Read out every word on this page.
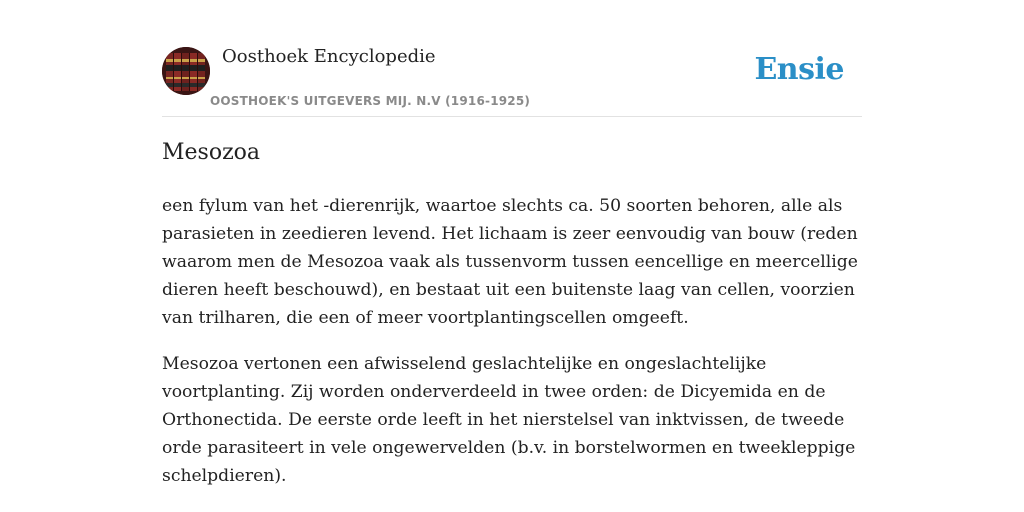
Oosthoek Encyclopedie
OOSTHOEK'S UITGEVERS MIJ. N.V (1916-1925)
Ensie
Mesozoa

een fylum van het -dierenrijk, waartoe slechts ca. 50 soorten behoren, alle als parasieten in zeedieren levend. Het lichaam is zeer eenvoudig van bouw (reden waarom men de Mesozoa vaak als tussenvorm tussen eencellige en meercellige dieren heeft beschouwd), en bestaat uit een buitenste laag van cellen, voorzien van trilharen, die een of meer voortplantingscellen omgeeft.

Mesozoa vertonen een afwisselend geslachtelijke en ongeslachtelijke voortplanting. Zij worden onderverdeeld in twee orden: de Dicyemida en de Orthonectida. De eerste orde leeft in het nierstelsel van inktvissen, de tweede orde parasiteert in vele ongewervelden (b.v. in borstelwormen en tweekleppige schelpdieren).
